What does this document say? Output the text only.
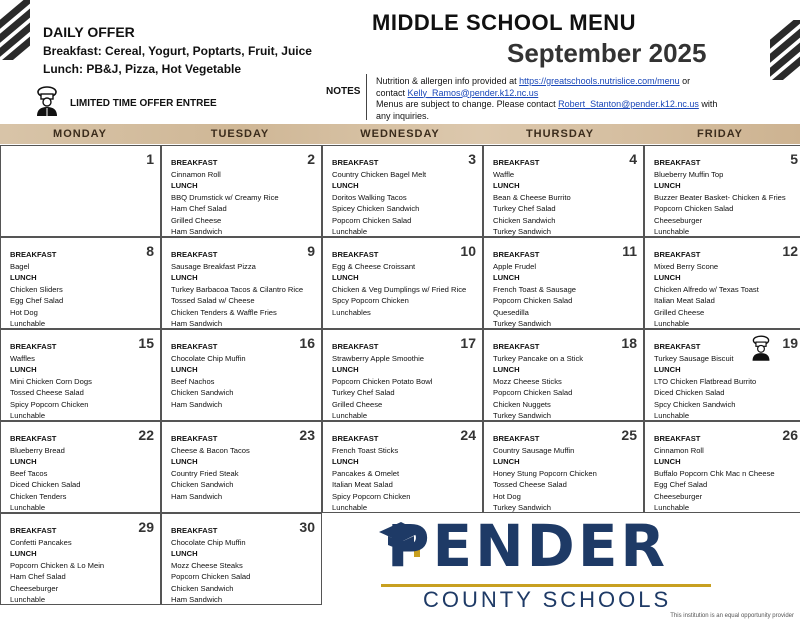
DAILY OFFER
Breakfast: Cereal, Yogurt, Poptarts, Fruit, Juice
Lunch: PB&J, Pizza, Hot Vegetable
LIMITED TIME OFFER ENTREE
MIDDLE SCHOOL MENU
September 2025
NOTES
Nutrition & allergen info provided at https://greatschools.nutrislice.com/menu or
contact Kelly_Ramos@pender.k12.nc.us
Menus are subject to change. Please contact Robert_Stanton@pender.k12.nc.us with
any inquiries.
MONDAY	TUESDAY	WEDNESDAY	THURSDAY	FRIDAY
1	2
BREAKFAST
Cinnamon Roll
LUNCH
BBQ Drumstick w/ Creamy Rice
Ham Chef Salad
Grilled Cheese
Ham Sandwich
3
BREAKFAST
Country Chicken Bagel Melt
LUNCH
Doritos Walking Tacos
Spicey Chicken Sandwich
Popcorn Chicken Salad
Lunchable
4
BREAKFAST
Waffle
LUNCH
Bean & Cheese Burrito
Turkey Chef Salad
Chicken Sandwich
Turkey Sandwich
5
BREAKFAST
Blueberry Muffin Top
LUNCH
Buzzer Beater Basket- Chicken & Fries
Popcorn Chicken Salad
Cheeseburger
Lunchable
8
BREAKFAST
Bagel
LUNCH
Chicken Sliders
Egg Chef Salad
Hot Dog
Lunchable
9
BREAKFAST
Sausage Breakfast Pizza
LUNCH
Turkey Barbacoa Tacos & Cilantro Rice
Tossed Salad w/ Cheese
Chicken Tenders & Waffle Fries
Ham Sandwich
10
BREAKFAST
Egg & Cheese Croissant
LUNCH
Chicken & Veg Dumplings w/ Fried Rice
Spcy Popcorn Chicken
Lunchables
11
BREAKFAST
Apple Frudel
LUNCH
French Toast & Sausage
Popcorn Chicken Salad
Quesedilla
Turkey Sandwich
12
BREAKFAST
Mixed Berry Scone
LUNCH
Chicken Alfredo w/ Texas Toast
Italian Meat Salad
Grilled Cheese
Lunchable
15
BREAKFAST
Waffles
LUNCH
Mini Chicken Corn Dogs
Tossed Cheese Salad
Spicy Popcorn Chicken
Lunchable
16
BREAKFAST
Chocolate Chip Muffin
LUNCH
Beef Nachos
Chicken Sandwich
Ham Sandwich
17
BREAKFAST
Strawberry Apple Smoothie
LUNCH
Popcorn Chicken Potato Bowl
Turkey Chef Salad
Grilled Cheese
Lunchable
18
BREAKFAST
Turkey Pancake on a Stick
LUNCH
Mozz Cheese Sticks
Popcorn Chicken Salad
Chicken Nuggets
Turkey Sandwich
19
BREAKFAST
Turkey Sausage Biscuit
LUNCH
LTO Chicken Flatbread Burrito
Diced Chicken Salad
Spcy Chicken Sandwich
Lunchable
22
BREAKFAST
Blueberry Bread
LUNCH
Beef Tacos
Diced Chicken Salad
Chicken Tenders
Lunchable
23
BREAKFAST
Cheese & Bacon Tacos
LUNCH
Country Fried Steak
Chicken Sandwich
Ham Sandwich
24
BREAKFAST
French Toast Sticks
LUNCH
Pancakes & Omelet
Italian Meat Salad
Spicy Popcorn Chicken
Lunchable
25
BREAKFAST
Country Sausage Muffin
LUNCH
Honey Stung Popcorn Chicken
Tossed Cheese Salad
Hot Dog
Turkey Sandwich
26
BREAKFAST
Cinnamon Roll
LUNCH
Buffalo Popcorn Chk Mac n Cheese
Egg Chef Salad
Cheeseburger
Lunchable
29
BREAKFAST
Confetti Pancakes
LUNCH
Popcorn Chicken & Lo Mein
Ham Chef Salad
Cheeseburger
Lunchable
30
BREAKFAST
Chocolate Chip Muffin
LUNCH
Mozz Cheese Steaks
Popcorn Chicken Salad
Chicken Sandwich
Ham Sandwich
PENDER
COUNTY SCHOOLS
This institution is an equal opportunity provider
